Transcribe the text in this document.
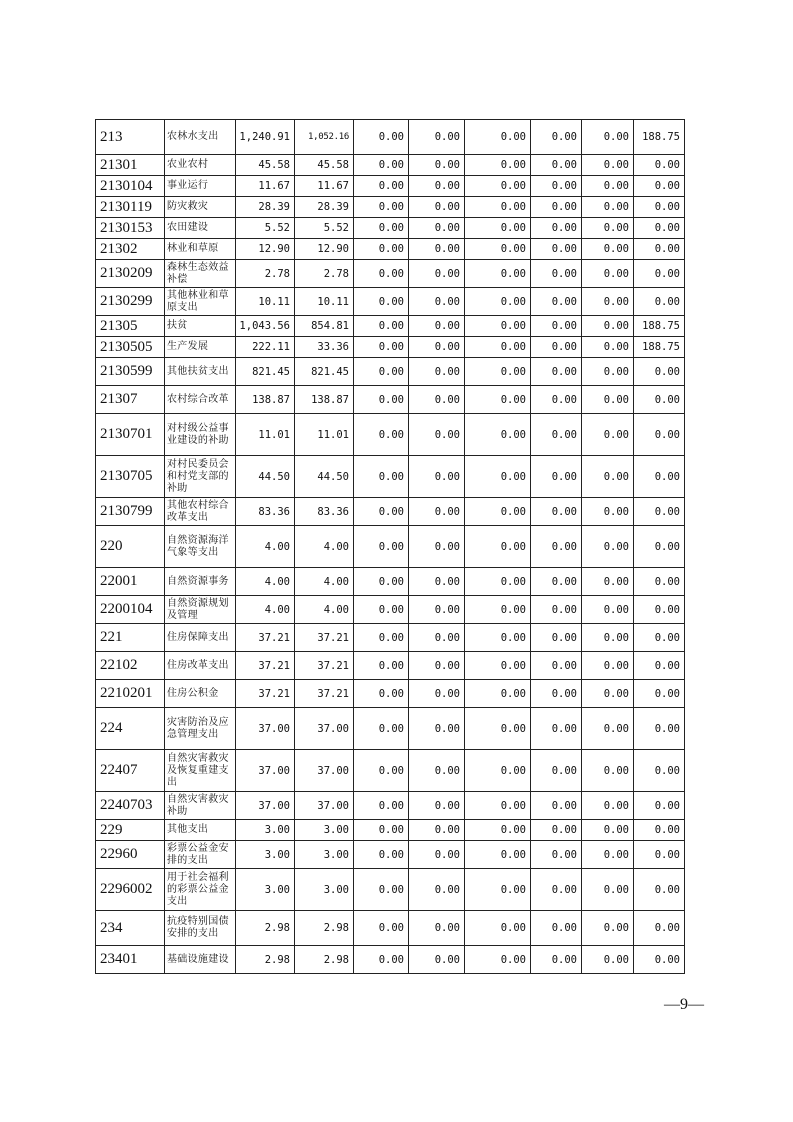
213	农林水支出	1,240.91	1,052.16	0.00	0.00	0.00	0.00	0.00	188.75
21301	农业农村	45.58	45.58	0.00	0.00	0.00	0.00	0.00	0.00
2130104	事业运行	11.67	11.67	0.00	0.00	0.00	0.00	0.00	0.00
2130119	防灾救灾	28.39	28.39	0.00	0.00	0.00	0.00	0.00	0.00
2130153	农田建设	5.52	5.52	0.00	0.00	0.00	0.00	0.00	0.00
21302	林业和草原	12.90	12.90	0.00	0.00	0.00	0.00	0.00	0.00
2130209	森林生态效益补偿	2.78	2.78	0.00	0.00	0.00	0.00	0.00	0.00
2130299	其他林业和草原支出	10.11	10.11	0.00	0.00	0.00	0.00	0.00	0.00
21305	扶贫	1,043.56	854.81	0.00	0.00	0.00	0.00	0.00	188.75
2130505	生产发展	222.11	33.36	0.00	0.00	0.00	0.00	0.00	188.75
2130599	其他扶贫支出	821.45	821.45	0.00	0.00	0.00	0.00	0.00	0.00
21307	农村综合改革	138.87	138.87	0.00	0.00	0.00	0.00	0.00	0.00
2130701	对村级公益事业建设的补助	11.01	11.01	0.00	0.00	0.00	0.00	0.00	0.00
2130705	对村民委员会和村党支部的补助	44.50	44.50	0.00	0.00	0.00	0.00	0.00	0.00
2130799	其他农村综合改革支出	83.36	83.36	0.00	0.00	0.00	0.00	0.00	0.00
220	自然资源海洋气象等支出	4.00	4.00	0.00	0.00	0.00	0.00	0.00	0.00
22001	自然资源事务	4.00	4.00	0.00	0.00	0.00	0.00	0.00	0.00
2200104	自然资源规划及管理	4.00	4.00	0.00	0.00	0.00	0.00	0.00	0.00
221	住房保障支出	37.21	37.21	0.00	0.00	0.00	0.00	0.00	0.00
22102	住房改革支出	37.21	37.21	0.00	0.00	0.00	0.00	0.00	0.00
2210201	住房公积金	37.21	37.21	0.00	0.00	0.00	0.00	0.00	0.00
224	灾害防治及应急管理支出	37.00	37.00	0.00	0.00	0.00	0.00	0.00	0.00
22407	自然灾害救灾及恢复重建支出	37.00	37.00	0.00	0.00	0.00	0.00	0.00	0.00
2240703	自然灾害救灾补助	37.00	37.00	0.00	0.00	0.00	0.00	0.00	0.00
229	其他支出	3.00	3.00	0.00	0.00	0.00	0.00	0.00	0.00
22960	彩票公益金安排的支出	3.00	3.00	0.00	0.00	0.00	0.00	0.00	0.00
2296002	用于社会福利的彩票公益金支出	3.00	3.00	0.00	0.00	0.00	0.00	0.00	0.00
234	抗疫特别国债安排的支出	2.98	2.98	0.00	0.00	0.00	0.00	0.00	0.00
23401	基础设施建设	2.98	2.98	0.00	0.00	0.00	0.00	0.00	0.00
—9—
